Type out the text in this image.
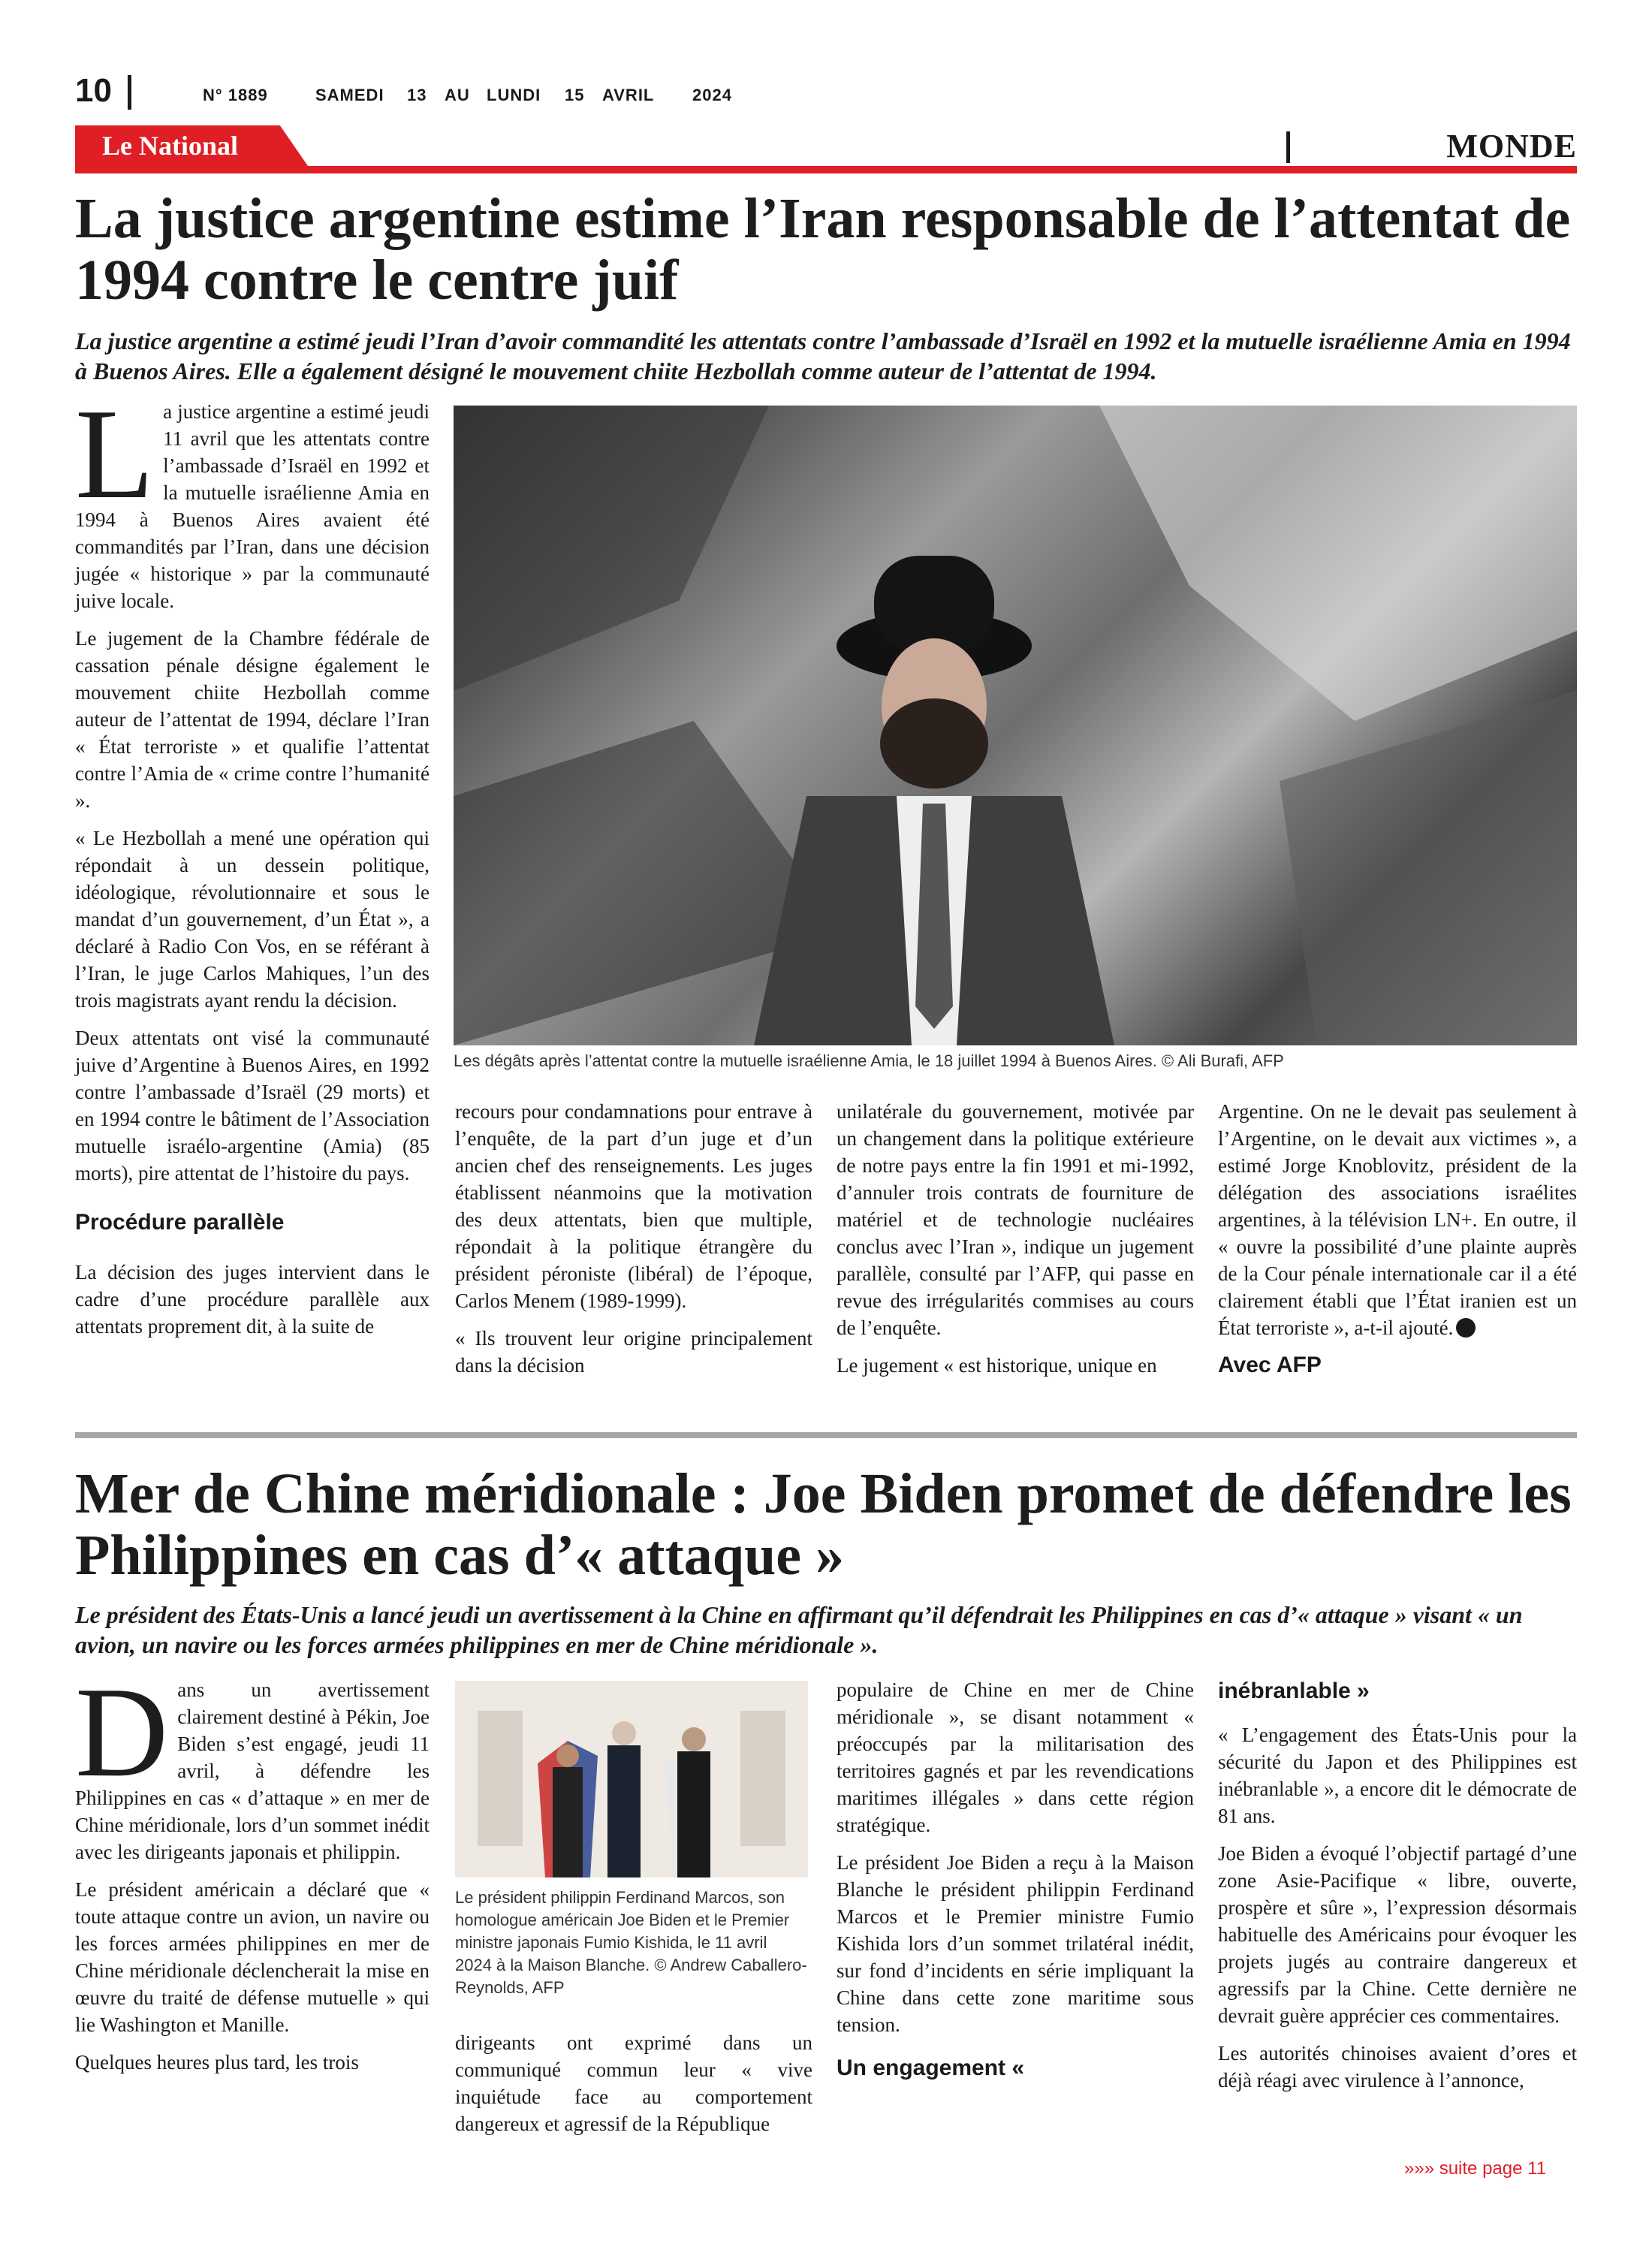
10	N° 1889	SAMEDI 13 AU LUNDI 15 AVRIL 2024
Le National	MONDE
La justice argentine estime l’Iran responsable de l’attentat de 1994 contre le centre juif
La justice argentine a estimé jeudi l’Iran d’avoir commandité les attentats contre l’ambassade d’Israël en 1992 et la mutuelle israélienne Amia en 1994 à Buenos Aires. Elle a également désigné le mouvement chiite Hezbollah comme auteur de l’attentat de 1994.

La justice argentine a estimé jeudi 11 avril que les attentats contre l’ambassade d’Israël en 1992 et la mutuelle israélienne Amia en 1994 à Buenos Aires avaient été commandités par l’Iran, dans une décision jugée « historique » par la communauté juive locale.

Le jugement de la Chambre fédérale de cassation pénale désigne également le mouvement chiite Hezbollah comme auteur de l’attentat de 1994, déclare l’Iran « État terroriste » et qualifie l’attentat contre l’Amia de « crime contre l’humanité ».

« Le Hezbollah a mené une opération qui répondait à un dessein politique, idéologique, révolutionnaire et sous le mandat d’un gouvernement, d’un État », a déclaré à Radio Con Vos, en se référant à l’Iran, le juge Carlos Mahiques, l’un des trois magistrats ayant rendu la décision.

Deux attentats ont visé la communauté juive d’Argentine à Buenos Aires, en 1992 contre l’ambassade d’Israël (29 morts) et en 1994 contre le bâtiment de l’Association mutuelle israélo-argentine (Amia) (85 morts), pire attentat de l’histoire du pays.

Procédure parallèle

La décision des juges intervient dans le cadre d’une procédure parallèle aux attentats proprement dit, à la suite de

Les dégâts après l’attentat contre la mutuelle israélienne Amia, le 18 juillet 1994 à Buenos Aires. © Ali Burafi, AFP

recours pour condamnations pour entrave à l’enquête, de la part d’un juge et d’un ancien chef des renseignements. Les juges établissent néanmoins que la motivation des deux attentats, bien que multiple, répondait à la politique étrangère du président péroniste (libéral) de l’époque, Carlos Menem (1989-1999).

« Ils trouvent leur origine principalement dans la décision

unilatérale du gouvernement, motivée par un changement dans la politique extérieure de notre pays entre la fin 1991 et mi-1992, d’annuler trois contrats de fourniture de matériel et de technologie nucléaires conclus avec l’Iran », indique un jugement parallèle, consulté par l’AFP, qui passe en revue des irrégularités commises au cours de l’enquête.

Le jugement « est historique, unique en

Argentine. On ne le devait pas seulement à l’Argentine, on le devait aux victimes », a estimé Jorge Knoblovitz, président de la délégation des associations israélites argentines, à la télévision LN+. En outre, il « ouvre la possibilité d’une plainte auprès de la Cour pénale internationale car il a été clairement établi que l’État iranien est un État terroriste », a-t-il ajouté.

Avec AFP
Mer de Chine méridionale : Joe Biden promet de défendre les Philippines en cas d’« attaque »
Le président des États-Unis a lancé jeudi un avertissement à la Chine en affirmant qu’il défendrait les Philippines en cas d’« attaque » visant « un avion, un navire ou les forces armées philippines en mer de Chine méridionale ».

Dans un avertissement clairement destiné à Pékin, Joe Biden s’est engagé, jeudi 11 avril, à défendre les Philippines en cas « d’attaque » en mer de Chine méridionale, lors d’un sommet inédit avec les dirigeants japonais et philippin.

Le président américain a déclaré que « toute attaque contre un avion, un navire ou les forces armées philippines en mer de Chine méridionale déclencherait la mise en œuvre du traité de défense mutuelle » qui lie Washington et Manille.

Quelques heures plus tard, les trois

Le président philippin Ferdinand Marcos, son homologue américain Joe Biden et le Premier ministre japonais Fumio Kishida, le 11 avril 2024 à la Maison Blanche. © Andrew Caballero-Reynolds, AFP

dirigeants ont exprimé dans un communiqué commun leur « vive inquiétude face au comportement dangereux et agressif de la République

populaire de Chine en mer de Chine méridionale », se disant notamment « préoccupés par la militarisation des territoires gagnés et par les revendications maritimes illégales » dans cette région stratégique.

Le président Joe Biden a reçu à la Maison Blanche le président philippin Ferdinand Marcos et le Premier ministre Fumio Kishida lors d’un sommet trilatéral inédit, sur fond d’incidents en série impliquant la Chine dans cette zone maritime sous tension.

Un engagement «
inébranlable »

« L’engagement des États-Unis pour la sécurité du Japon et des Philippines est inébranlable », a encore dit le démocrate de 81 ans.

Joe Biden a évoqué l’objectif partagé d’une zone Asie-Pacifique « libre, ouverte, prospère et sûre », l’expression désormais habituelle des Américains pour évoquer les projets jugés au contraire dangereux et agressifs par la Chine. Cette dernière ne devrait guère apprécier ces commentaires.

Les autorités chinoises avaient d’ores et déjà réagi avec virulence à l’annonce,

»»» suite page 11
